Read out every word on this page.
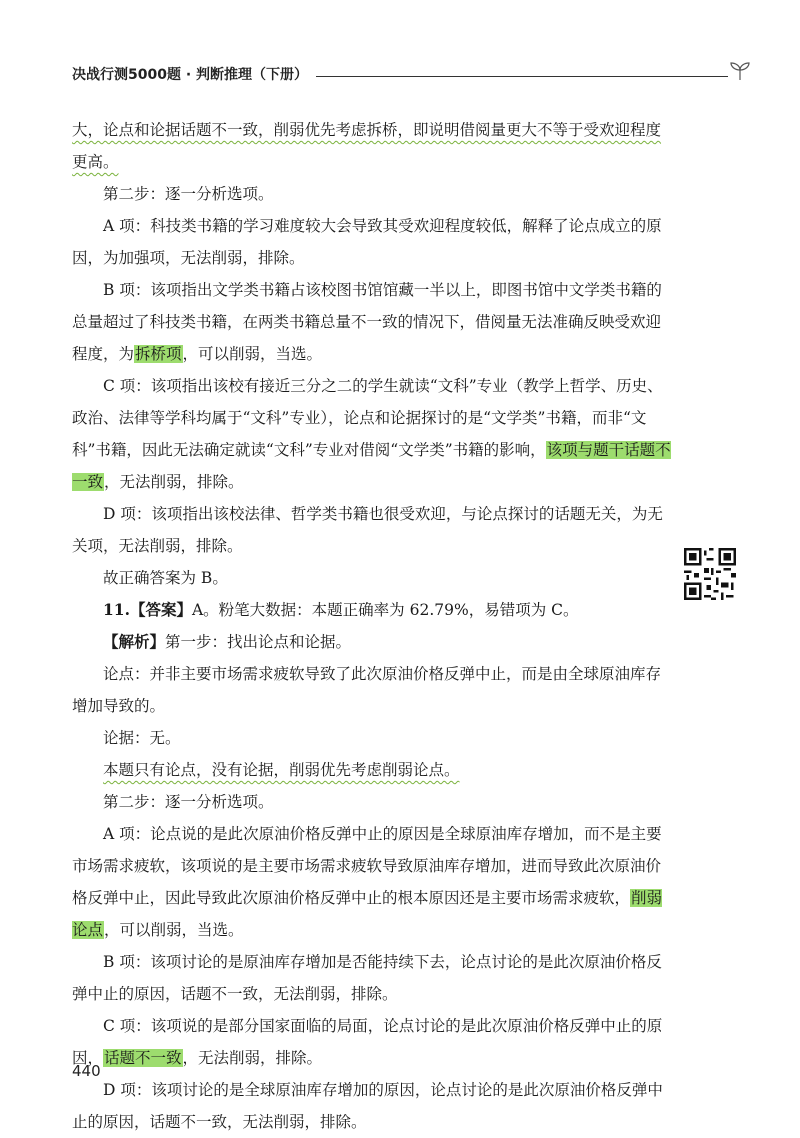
决战行测5000题 · 判断推理（下册）

大，论点和论据话题不一致，削弱优先考虑拆桥，即说明借阅量更大不等于受欢迎程度更高。

第二步：逐一分析选项。

A 项：科技类书籍的学习难度较大会导致其受欢迎程度较低，解释了论点成立的原因，为加强项，无法削弱，排除。

B 项：该项指出文学类书籍占该校图书馆馆藏一半以上，即图书馆中文学类书籍的总量超过了科技类书籍，在两类书籍总量不一致的情况下，借阅量无法准确反映受欢迎程度，为拆桥项，可以削弱，当选。

C 项：该项指出该校有接近三分之二的学生就读“文科”专业（教学上哲学、历史、政治、法律等学科均属于“文科”专业），论点和论据探讨的是“文学类”书籍，而非“文科”书籍，因此无法确定就读“文科”专业对借阅“文学类”书籍的影响，该项与题干话题不一致，无法削弱，排除。

D 项：该项指出该校法律、哲学类书籍也很受欢迎，与论点探讨的话题无关，为无关项，无法削弱，排除。

故正确答案为 B。

11.【答案】A。粉笔大数据：本题正确率为 62.79%，易错项为 C。

【解析】第一步：找出论点和论据。

论点：并非主要市场需求疲软导致了此次原油价格反弹中止，而是由全球原油库存增加导致的。

论据：无。

本题只有论点，没有论据，削弱优先考虑削弱论点。

第二步：逐一分析选项。

A 项：论点说的是此次原油价格反弹中止的原因是全球原油库存增加，而不是主要市场需求疲软，该项说的是主要市场需求疲软导致原油库存增加，进而导致此次原油价格反弹中止，因此导致此次原油价格反弹中止的根本原因还是主要市场需求疲软，削弱论点，可以削弱，当选。

B 项：该项讨论的是原油库存增加是否能持续下去，论点讨论的是此次原油价格反弹中止的原因，话题不一致，无法削弱，排除。

C 项：该项说的是部分国家面临的局面，论点讨论的是此次原油价格反弹中止的原因，话题不一致，无法削弱，排除。

D 项：该项讨论的是全球原油库存增加的原因，论点讨论的是此次原油价格反弹中止的原因，话题不一致，无法削弱，排除。

440
